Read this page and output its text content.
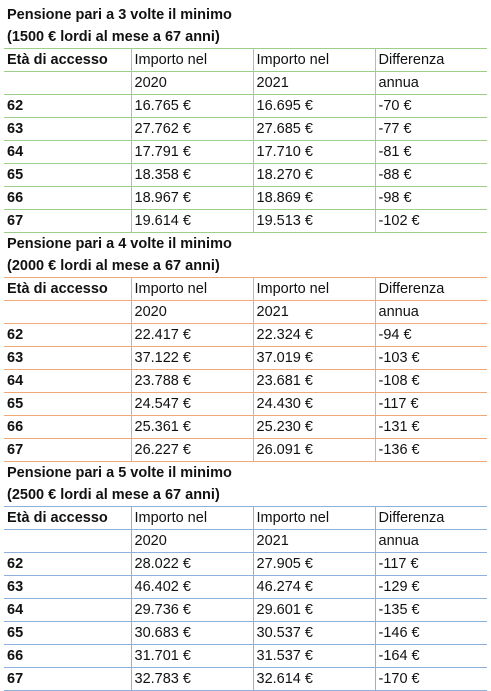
Pensione pari a 3 volte il minimo
(1500 € lordi al mese a 67 anni)
Età di accesso	Importo nel	Importo nel	Differenza
	2020	2021	annua
62	16.765 €	16.695 €	-70 €
63	27.762 €	27.685 €	-77 €
64	17.791 €	17.710 €	-81 €
65	18.358 €	18.270 €	-88 €
66	18.967 €	18.869 €	-98 €
67	19.614 €	19.513 €	-102 €
Pensione pari a 4 volte il minimo
(2000 € lordi al mese a 67 anni)
Età di accesso	Importo nel	Importo nel	Differenza
	2020	2021	annua
62	22.417 €	22.324 €	-94 €
63	37.122 €	37.019 €	-103 €
64	23.788 €	23.681 €	-108 €
65	24.547 €	24.430 €	-117 €
66	25.361 €	25.230 €	-131 €
67	26.227 €	26.091 €	-136 €
Pensione pari a 5 volte il minimo
(2500 € lordi al mese a 67 anni)
Età di accesso	Importo nel	Importo nel	Differenza
	2020	2021	annua
62	28.022 €	27.905 €	-117 €
63	46.402 €	46.274 €	-129 €
64	29.736 €	29.601 €	-135 €
65	30.683 €	30.537 €	-146 €
66	31.701 €	31.537 €	-164 €
67	32.783 €	32.614 €	-170 €
